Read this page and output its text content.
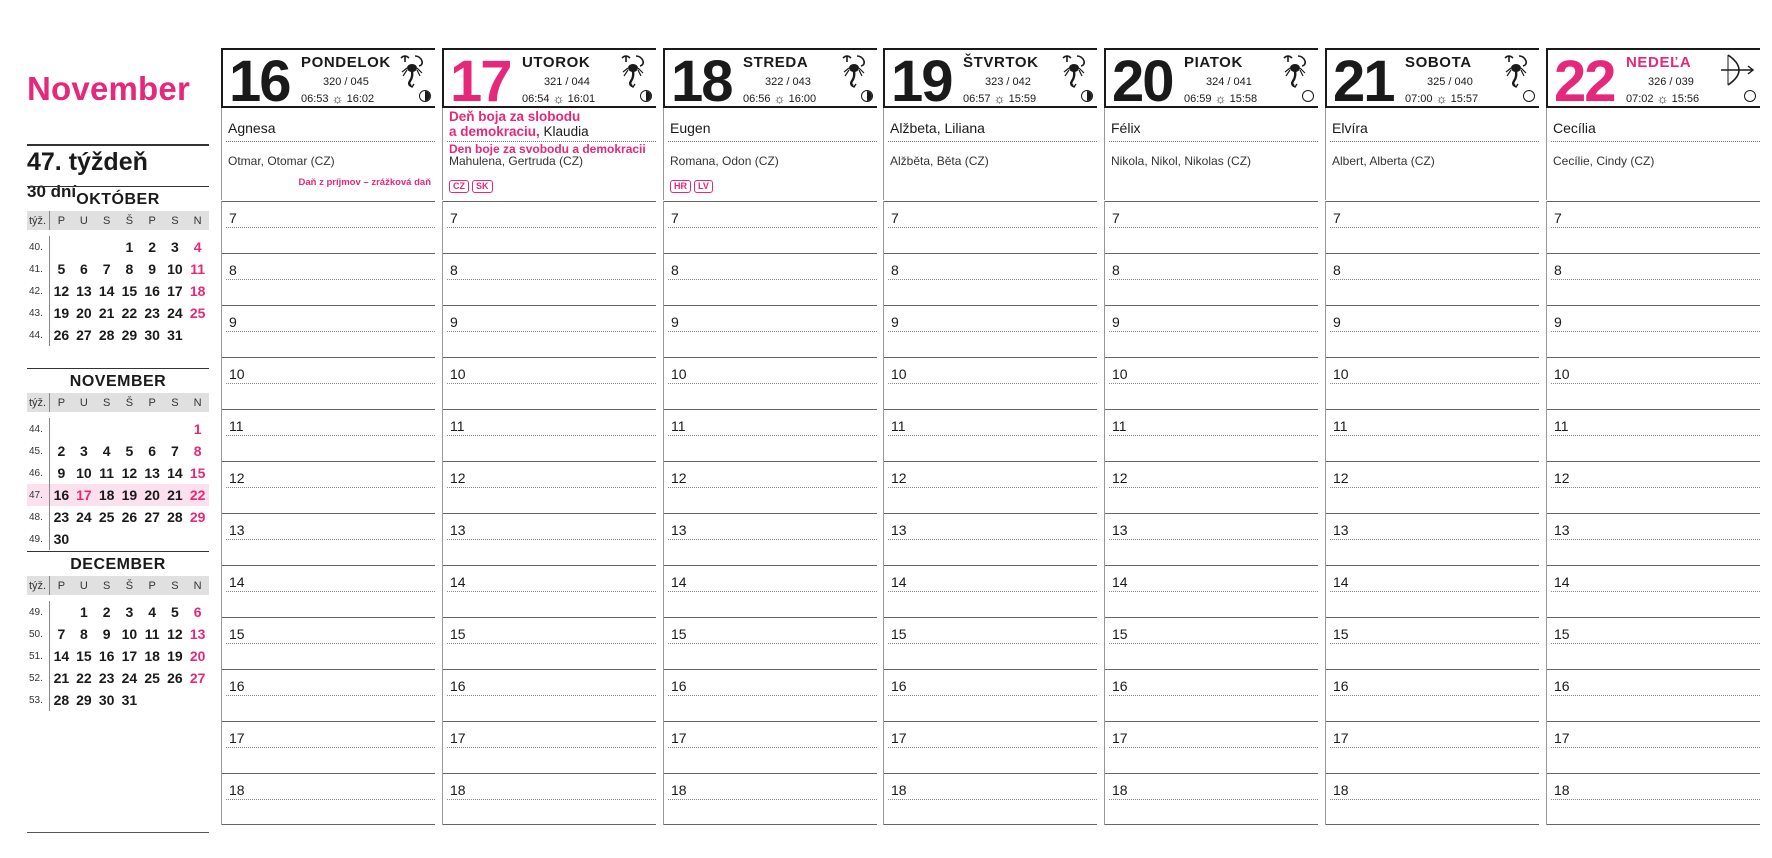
November
47. týždeň
30 dní OKTÓBER
týž.	P	U	S	Š	P	S	N

40.				1	2	3	4
41.	5	6	7	8	9	10	11
42.	12	13	14	15	16	17	18
43.	19	20	21	22	23	24	25
44.	26	27	28	29	30	31	
NOVEMBER
týž.	P	U	S	Š	P	S	N

44.							1
45.	2	3	4	5	6	7	8
46.	9	10	11	12	13	14	15
47.	16	17	18	19	20	21	22
48.	23	24	25	26	27	28	29
49.	30						
DECEMBER
týž.	P	U	S	Š	P	S	N

49.		1	2	3	4	5	6
50.	7	8	9	10	11	12	13
51.	14	15	16	17	18	19	20
52.	21	22	23	24	25	26	27
53.	28	29	30	31			
16 PONDELOK
320 / 045
06:53 ☼ 16:02
Agnesa
Otmar, Otomar (CZ)
Daň z príjmov – zrážková daň
7
8
9
10
11
12
13
14
15
16
17
18
17 UTOROK
321 / 044
06:54 ☼ 16:01
Deň boja za slobodu
a demokraciu, Klaudia
Den boje za svobodu a demokracii
Mahulena, Gertruda (CZ)
CZ SK
7
8
9
10
11
12
13
14
15
16
17
18
18 STREDA
322 / 043
06:56 ☼ 16:00
Eugen
Romana, Odon (CZ)
HR LV
7
8
9
10
11
12
13
14
15
16
17
18
19 ŠTVRTOK
323 / 042
06:57 ☼ 15:59
Alžbeta, Liliana
Alžběta, Běta (CZ)
7
8
9
10
11
12
13
14
15
16
17
18
20 PIATOK
324 / 041
06:59 ☼ 15:58
Félix
Nikola, Nikol, Nikolas (CZ)
7
8
9
10
11
12
13
14
15
16
17
18
21 SOBOTA
325 / 040
07:00 ☼ 15:57
Elvíra
Albert, Alberta (CZ)
7
8
9
10
11
12
13
14
15
16
17
18
22 NEDEĽA
326 / 039
07:02 ☼ 15:56
Cecília
Cecílie, Cindy (CZ)
7
8
9
10
11
12
13
14
15
16
17
18
